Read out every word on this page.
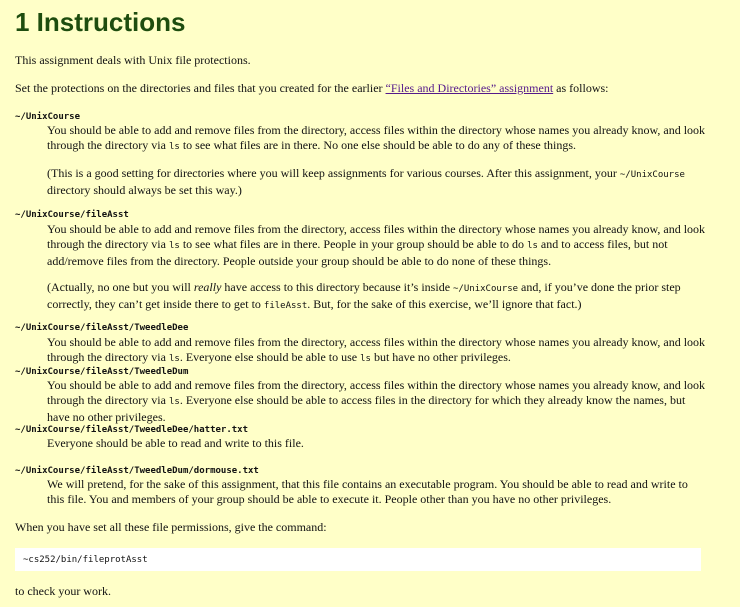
1 Instructions

This assignment deals with Unix file protections.

Set the protections on the directories and files that you created for the earlier “Files and Directories” assignment as follows:

~/UnixCourse

You should be able to add and remove files from the directory, access files within the directory whose names you already know, and look through the directory via ls to see what files are in there. No one else should be able to do any of these things.

(This is a good setting for directories where you will keep assignments for various courses. After this assignment, your ~/UnixCourse directory should always be set this way.)

~/UnixCourse/fileAsst

You should be able to add and remove files from the directory, access files within the directory whose names you already know, and look through the directory via ls to see what files are in there. People in your group should be able to do ls and to access files, but not add/remove files from the directory. People outside your group should be able to do none of these things.

(Actually, no one but you will really have access to this directory because it’s inside ~/UnixCourse and, if you’ve done the prior step correctly, they can’t get inside there to get to fileAsst. But, for the sake of this exercise, we’ll ignore that fact.)

~/UnixCourse/fileAsst/TweedleDee

You should be able to add and remove files from the directory, access files within the directory whose names you already know, and look through the directory via ls. Everyone else should be able to use ls but have no other privileges.

~/UnixCourse/fileAsst/TweedleDum

You should be able to add and remove files from the directory, access files within the directory whose names you already know, and look through the directory via ls. Everyone else should be able to access files in the directory for which they already know the names, but have no other privileges.

~/UnixCourse/fileAsst/TweedleDee/hatter.txt

Everyone should be able to read and write to this file.

~/UnixCourse/fileAsst/TweedleDum/dormouse.txt

We will pretend, for the sake of this assignment, that this file contains an executable program. You should be able to read and write to this file. You and members of your group should be able to execute it. People other than you have no other privileges.

When you have set all these file permissions, give the command:

~cs252/bin/fileprotAsst

to check your work.
